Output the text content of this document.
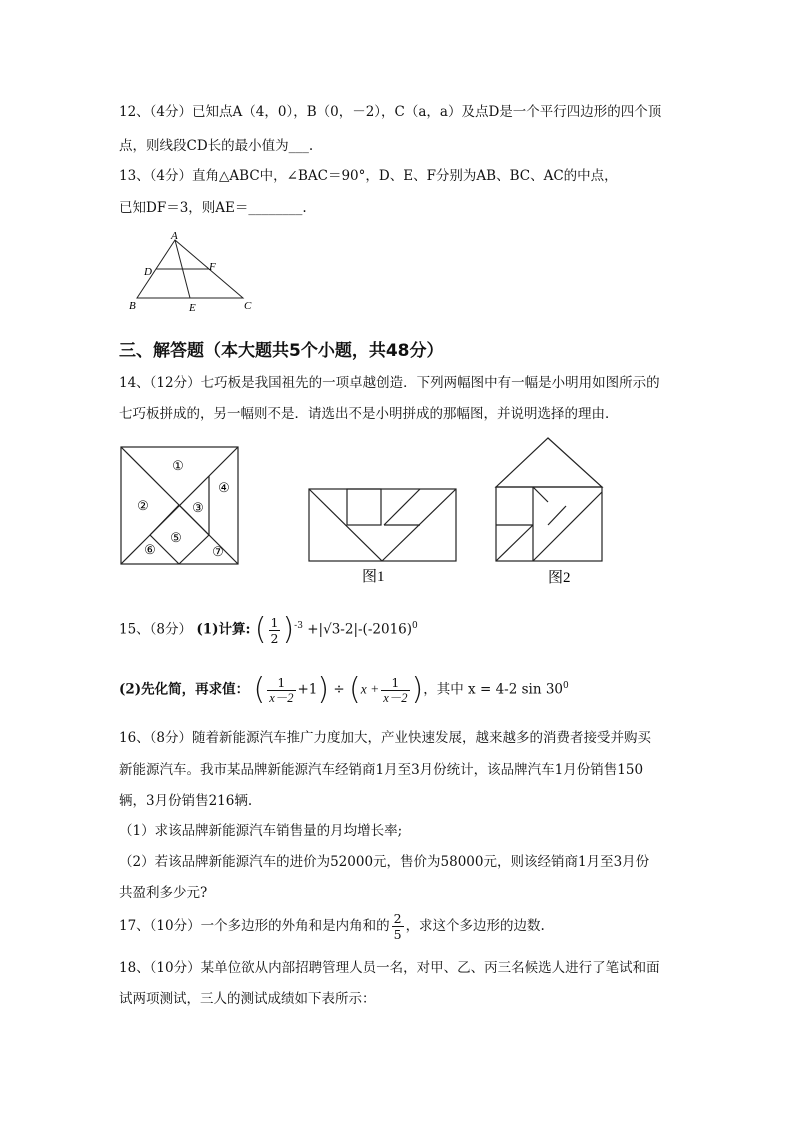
12、（4分）已知点A（4，0），B（0，－2），C（a，a）及点D是一个平行四边形的四个顶
点，则线段CD长的最小值为___.
13、（4分）直角△ABC中，∠BAC＝90°，D、E、F分别为AB、BC、AC的中点，
已知DF＝3，则AE＝________.
A
D	F
B	E	C
三、解答题（本大题共5个小题，共48分）
14、（12分）七巧板是我国祖先的一项卓越创造．下列两幅图中有一幅是小明用如图所示的
七巧板拼成的，另一幅则不是．请选出不是小明拼成的那幅图，并说明选择的理由．
①
②	③
④
⑤
⑥	⑦
图1	图2
15、（8分） (1)计算: ( $\frac{1}{2} )^{-3} +|√3-2|-(-2016)^0$
(2)先化简，再求值： ( $\frac{1}{x-2} +1) \div (x + \frac{1}{x-2}$ )，其中 x = 4-2 $\sin 30^0$
16、（8分）随着新能源汽车推广力度加大，产业快速发展，越来越多的消费者接受并购买
新能源汽车。我市某品牌新能源汽车经销商1月至3月份统计，该品牌汽车1月份销售150
辆，3月份销售216辆.
（1）求该品牌新能源汽车销售量的月均增长率;
（2）若该品牌新能源汽车的进价为52000元，售价为58000元，则该经销商1月至3月份
共盈利多少元?
17、（10分）一个多边形的外角和是内角和的 $\frac{2}{5}$ ，求这个多边形的边数.
18、（10分）某单位欲从内部招聘管理人员一名，对甲、乙、丙三名候选人进行了笔试和面
试两项测试，三人的测试成绩如下表所示：
